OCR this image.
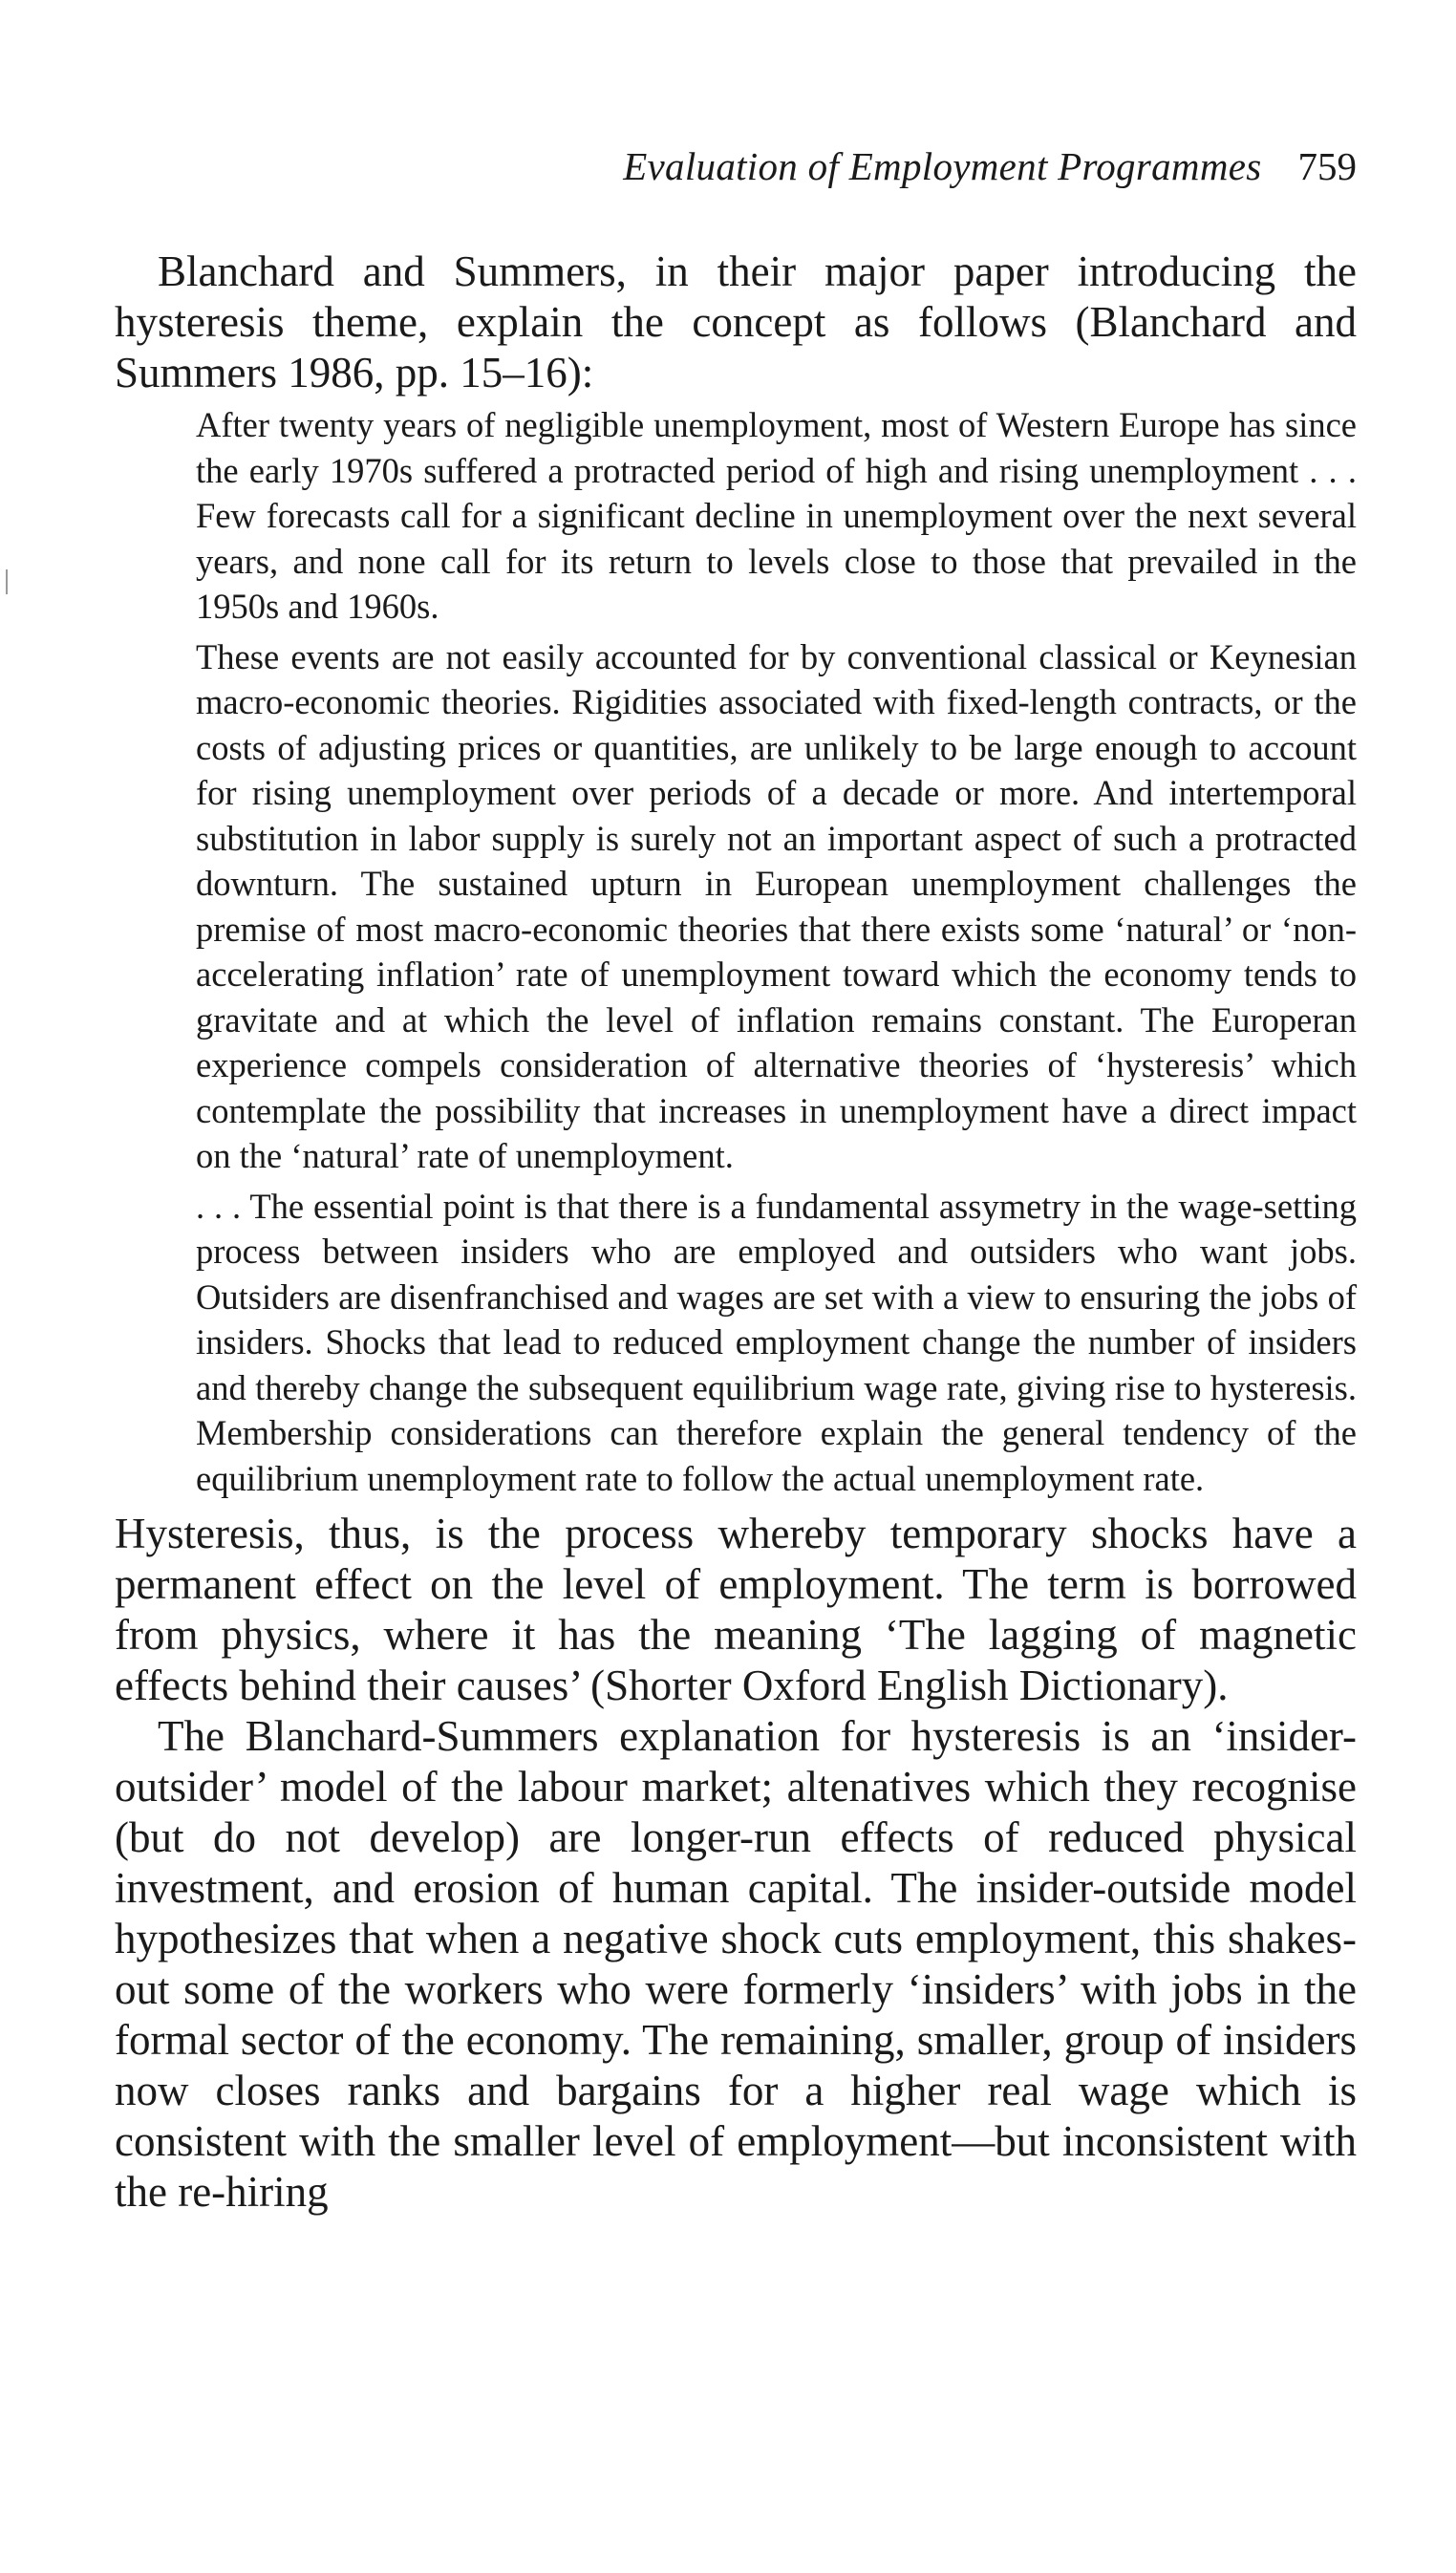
Evaluation of Employment Programmes 759

Blanchard and Summers, in their major paper introducing the hysteresis theme, explain the concept as follows (Blanchard and Summers 1986, pp. 15–16):

After twenty years of negligible unemployment, most of Western Europe has since the early 1970s suffered a protracted period of high and rising unemployment . . . Few forecasts call for a significant decline in unemployment over the next several years, and none call for its return to levels close to those that prevailed in the 1950s and 1960s.

These events are not easily accounted for by conventional classical or Keynesian macro-economic theories. Rigidities associated with fixed-length contracts, or the costs of adjusting prices or quantities, are unlikely to be large enough to account for rising unemployment over periods of a decade or more. And intertemporal substitution in labor supply is surely not an important aspect of such a protracted downturn. The sustained upturn in European unemployment challenges the premise of most macro-economic theories that there exists some ‘natural’ or ‘non-accelerating inflation’ rate of unemployment toward which the economy tends to gravitate and at which the level of inflation remains constant. The Europeran experience compels consideration of alternative theories of ‘hysteresis’ which contemplate the possibility that increases in unemployment have a direct impact on the ‘natural’ rate of unemployment.

. . . The essential point is that there is a fundamental assymetry in the wage-setting process between insiders who are employed and outsiders who want jobs. Outsiders are disenfranchised and wages are set with a view to ensuring the jobs of insiders. Shocks that lead to reduced employment change the number of insiders and thereby change the subsequent equilibrium wage rate, giving rise to hysteresis. Membership considerations can therefore explain the general tendency of the equilibrium unemployment rate to follow the actual unemployment rate.

Hysteresis, thus, is the process whereby temporary shocks have a permanent effect on the level of employment. The term is borrowed from physics, where it has the meaning ‘The lagging of magnetic effects behind their causes’ (Shorter Oxford English Dictionary).

The Blanchard-Summers explanation for hysteresis is an ‘insider-outsider’ model of the labour market; altenatives which they recognise (but do not develop) are longer-run effects of reduced physical investment, and erosion of human capital. The insider-outside model hypothesizes that when a negative shock cuts employment, this shakes-out some of the workers who were formerly ‘insiders’ with jobs in the formal sector of the economy. The remaining, smaller, group of insiders now closes ranks and bargains for a higher real wage which is consistent with the smaller level of employment—but inconsistent with the re-hiring
